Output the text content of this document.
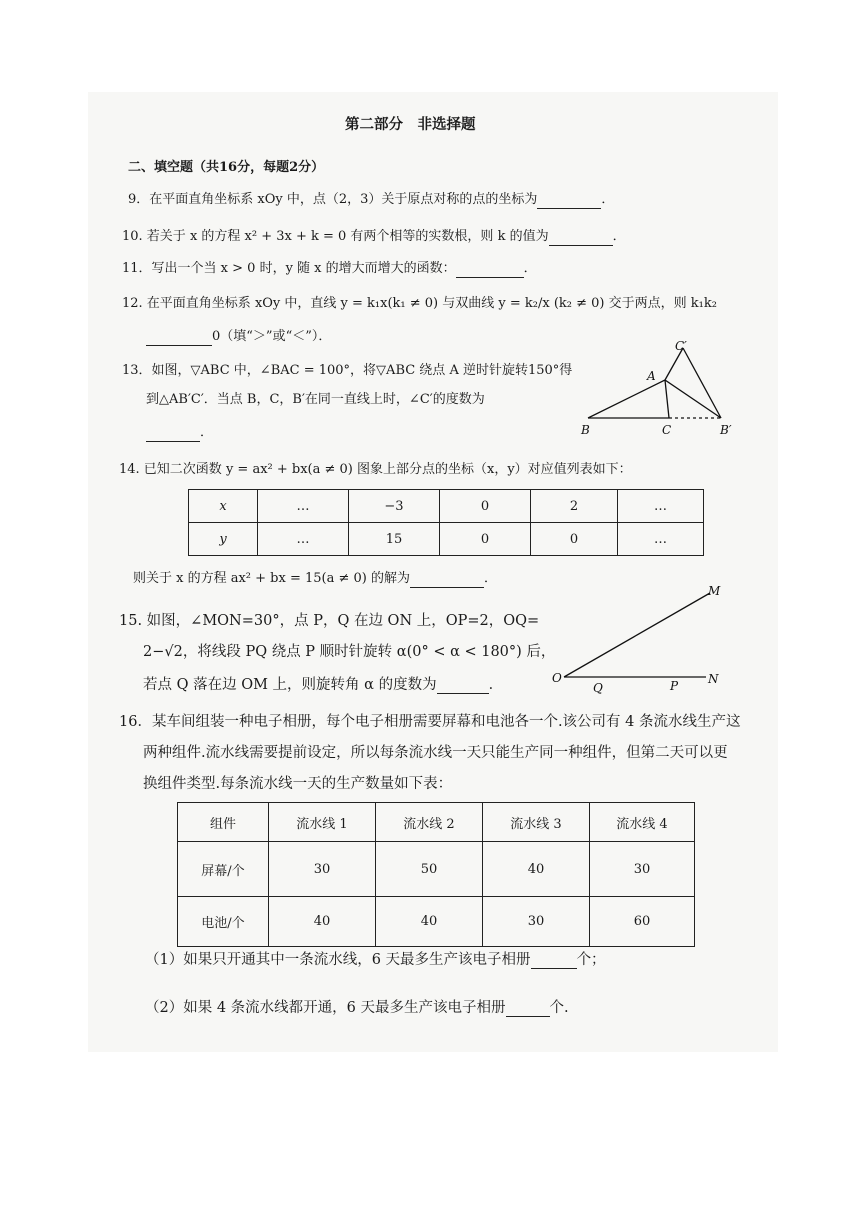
第二部分　非选择题
二、填空题（共16分，每题2分）
9．在平面直角坐标系 xOy 中，点（2，3）关于原点对称的点的坐标为	．
10. 若关于 x 的方程 x² + 3x + k = 0 有两个相等的实数根，则 k 的值为	．
11．写出一个当 x > 0 时，y 随 x 的增大而增大的函数：	．
12. 在平面直角坐标系 xOy 中，直线 y = k₁x(k₁ ≠ 0) 与双曲线 y = k₂/x (k₂ ≠ 0) 交于两点，则 k₁k₂
0（填“＞”或“＜”）．
13．如图，▽ABC 中，∠BAC = 100°，将▽ABC 绕点 A 逆时针旋转150°得
到△AB′C′．当点 B，C，B′在同一直线上时，∠C′的度数为
．
A
B	C
C′
B′
14. 已知二次函数 y = ax² + bx(a ≠ 0) 图象上部分点的坐标（x，y）对应值列表如下：
x	…	−3	0	2	…
y	…	15	0	0	…
则关于 x 的方程 ax² + bx = 15(a ≠ 0) 的解为	．
15. 如图，∠MON=30°，点 P，Q 在边 ON 上，OP=2，OQ=
2−√2，将线段 PQ 绕点 P 顺时针旋转 α(0° < α < 180°) 后，
若点 Q 落在边 OM 上，则旋转角 α 的度数为	．
M
O
Q	P N
16．某车间组装一种电子相册，每个电子相册需要屏幕和电池各一个.该公司有 4 条流水线生产这
两种组件.流水线需要提前设定，所以每条流水线一天只能生产同一种组件，但第二天可以更
换组件类型.每条流水线一天的生产数量如下表：
组件	流水线 1	流水线 2	流水线 3	流水线 4
屏幕/个	30	50	40	30
电池/个	40	40	30	60
（1）如果只开通其中一条流水线，6 天最多生产该电子相册	个；
（2）如果 4 条流水线都开通，6 天最多生产该电子相册	个.
